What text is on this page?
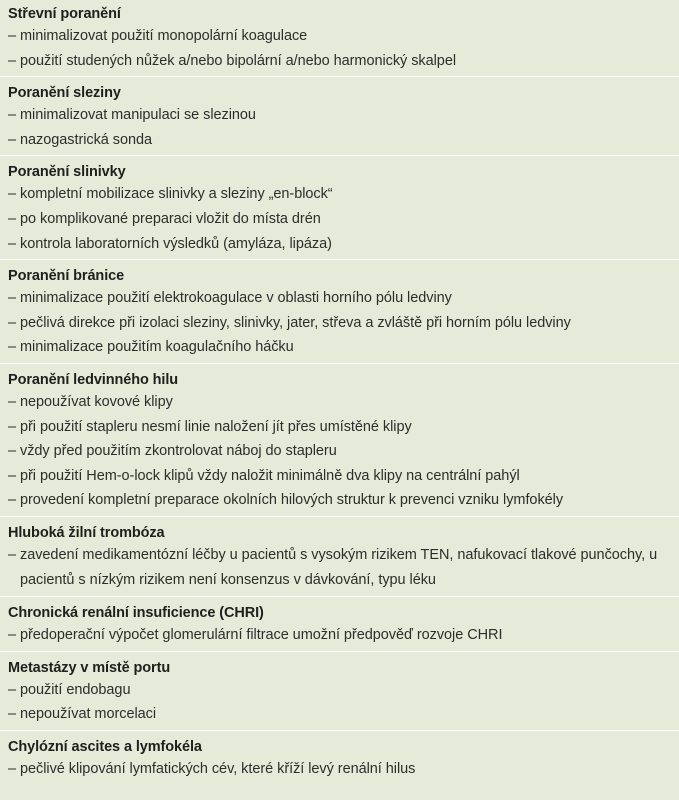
Střevní poranění
– minimalizovat použití monopolární koagulace
– použití studených nůžek a/nebo bipolární a/nebo harmonický skalpel
Poranění sleziny
– minimalizovat manipulaci se slezinou
– nazogastrická sonda
Poranění slinivky
– kompletní mobilizace slinivky a sleziny „en-block“
– po komplikované preparaci vložit do místa drén
– kontrola laboratorních výsledků (amyláza, lipáza)
Poranění bránice
– minimalizace použití elektrokoagulace v oblasti horního pólu ledviny
– pečlivá direkce při izolaci sleziny, slinivky, jater, střeva a zvláště při horním pólu ledviny
– minimalizace použitím koagulačního háčku
Poranění ledvinného hilu
– nepoužívat kovové klipy
– při použití stapleru nesmí linie naložení jít přes umístěné klipy
– vždy před použitím zkontrolovat náboj do stapleru
– při použití Hem-o-lock klipů vždy naložit minimálně dva klipy na centrální pahýl
– provedení kompletní preparace okolních hilových struktur k prevenci vzniku lymfokély
Hluboká žilní trombóza
– zavedení medikamentózní léčby u pacientů s vysokým rizikem TEN, nafukovací tlakové punčochy, u pacientů s nízkým rizikem není konsenzus v dávkování, typu léku
Chronická renální insuficience (CHRI)
– předoperační výpočet glomerulární filtrace umožní předpověď rozvoje CHRI
Metastázy v místě portu
– použití endobagu
– nepoužívat morcelaci
Chylózní ascites a lymfokéla
– pečlivé klipování lymfatických cév, které kříží levý renální hilus
